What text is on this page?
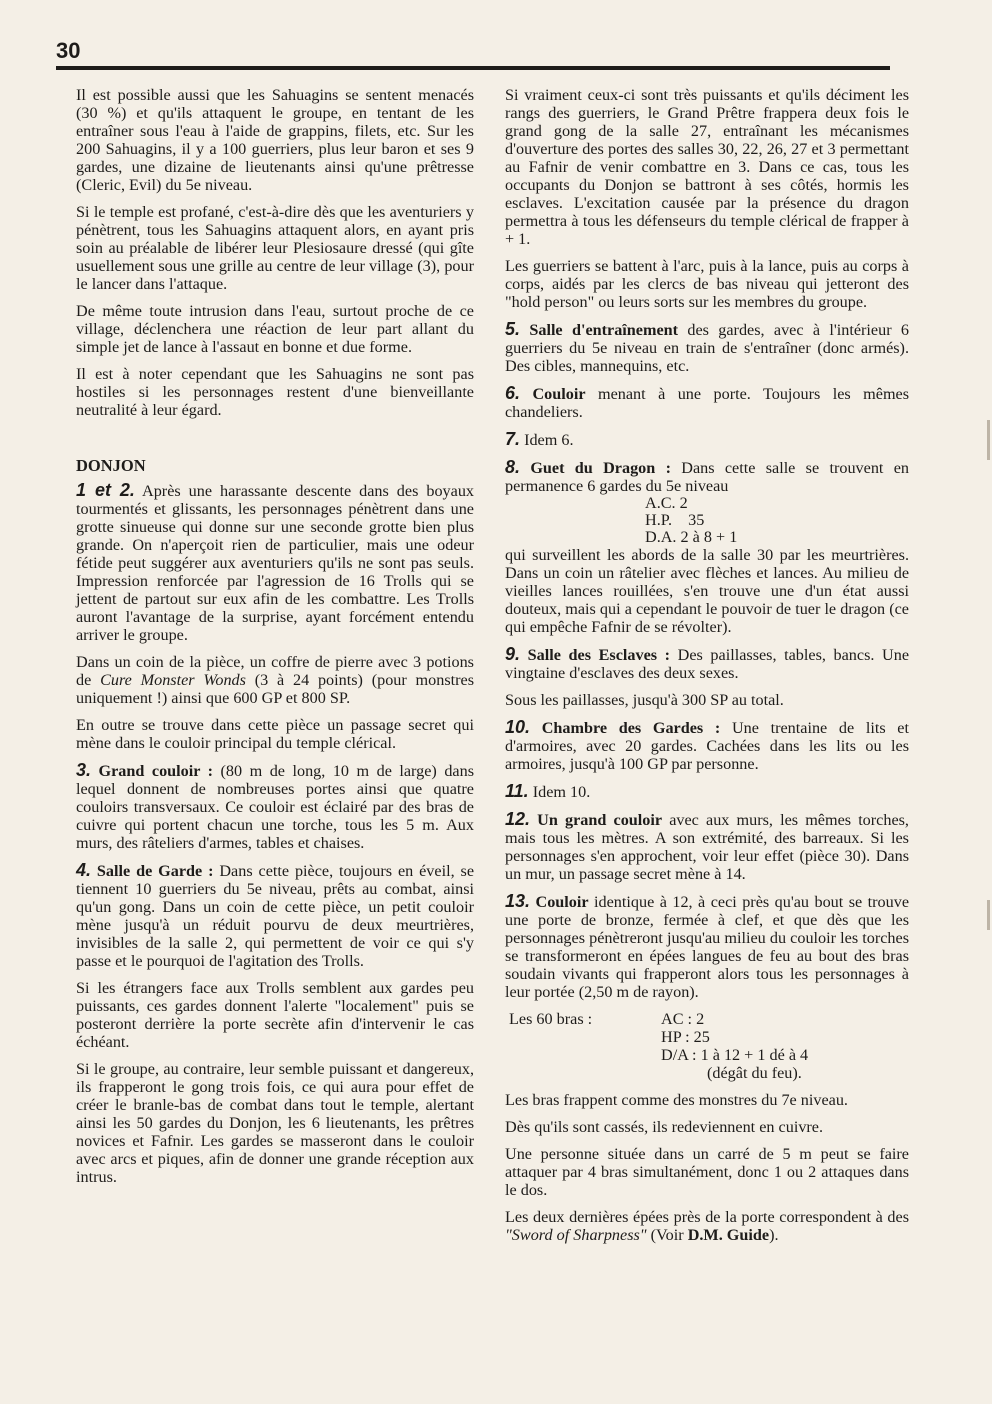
30

Il est possible aussi que les Sahuagins se sentent menacés (30 %) et qu'ils attaquent le groupe, en tentant de les entraîner sous l'eau à l'aide de grappins, filets, etc. Sur les 200 Sahuagins, il y a 100 guerriers, plus leur baron et ses 9 gardes, une dizaine de lieutenants ainsi qu'une prêtresse (Cleric, Evil) du 5e niveau.

Si le temple est profané, c'est-à-dire dès que les aventuriers y pénètrent, tous les Sahuagins attaquent alors, en ayant pris soin au préalable de libérer leur Plesiosaure dressé (qui gîte usuellement sous une grille au centre de leur village (3), pour le lancer dans l'attaque.

De même toute intrusion dans l'eau, surtout proche de ce village, déclenchera une réaction de leur part allant du simple jet de lance à l'assaut en bonne et due forme.

Il est à noter cependant que les Sahuagins ne sont pas hostiles si les personnages restent d'une bienveillante neutralité à leur égard.

DONJON

1 et 2. Après une harassante descente dans des boyaux tourmentés et glissants, les personnages pénètrent dans une grotte sinueuse qui donne sur une seconde grotte bien plus grande. On n'aperçoit rien de particulier, mais une odeur fétide peut suggérer aux aventuriers qu'ils ne sont pas seuls. Impression renforcée par l'agression de 16 Trolls qui se jettent de partout sur eux afin de les combattre. Les Trolls auront l'avantage de la surprise, ayant forcément entendu arriver le groupe.

Dans un coin de la pièce, un coffre de pierre avec 3 potions de Cure Monster Wonds (3 à 24 points) (pour monstres uniquement !) ainsi que 600 GP et 800 SP.

En outre se trouve dans cette pièce un passage secret qui mène dans le couloir principal du temple clérical.

3. Grand couloir : (80 m de long, 10 m de large) dans lequel donnent de nombreuses portes ainsi que quatre couloirs transversaux. Ce couloir est éclairé par des bras de cuivre qui portent chacun une torche, tous les 5 m. Aux murs, des râteliers d'armes, tables et chaises.

4. Salle de Garde : Dans cette pièce, toujours en éveil, se tiennent 10 guerriers du 5e niveau, prêts au combat, ainsi qu'un gong. Dans un coin de cette pièce, un petit couloir mène jusqu'à un réduit pourvu de deux meurtrières, invisibles de la salle 2, qui permettent de voir ce qui s'y passe et le pourquoi de l'agitation des Trolls.

Si les étrangers face aux Trolls semblent aux gardes peu puissants, ces gardes donnent l'alerte "localement" puis se posteront derrière la porte secrète afin d'intervenir le cas échéant.

Si le groupe, au contraire, leur semble puissant et dangereux, ils frapperont le gong trois fois, ce qui aura pour effet de créer le branle-bas de combat dans tout le temple, alertant ainsi les 50 gardes du Donjon, les 6 lieutenants, les prêtres novices et Fafnir. Les gardes se masseront dans le couloir avec arcs et piques, afin de donner une grande réception aux intrus.

Si vraiment ceux-ci sont très puissants et qu'ils déciment les rangs des guerriers, le Grand Prêtre frappera deux fois le grand gong de la salle 27, entraînant les mécanismes d'ouverture des portes des salles 30, 22, 26, 27 et 3 permettant au Fafnir de venir combattre en 3. Dans ce cas, tous les occupants du Donjon se battront à ses côtés, hormis les esclaves. L'excitation causée par la présence du dragon permettra à tous les défenseurs du temple clérical de frapper à + 1.

Les guerriers se battent à l'arc, puis à la lance, puis au corps à corps, aidés par les clercs de bas niveau qui jetteront des "hold person" ou leurs sorts sur les membres du groupe.

5. Salle d'entraînement des gardes, avec à l'intérieur 6 guerriers du 5e niveau en train de s'entraîner (donc armés). Des cibles, mannequins, etc.

6. Couloir menant à une porte. Toujours les mêmes chandeliers.

7. Idem 6.

8. Guet du Dragon : Dans cette salle se trouvent en permanence 6 gardes du 5e niveau

A.C. 2
H.P.    35
D.A. 2 à 8 + 1

qui surveillent les abords de la salle 30 par les meurtrières. Dans un coin un râtelier avec flèches et lances. Au milieu de vieilles lances rouillées, s'en trouve une d'un état aussi douteux, mais qui a cependant le pouvoir de tuer le dragon (ce qui empêche Fafnir de se révolter).

9. Salle des Esclaves : Des paillasses, tables, bancs. Une vingtaine d'esclaves des deux sexes.

Sous les paillasses, jusqu'à 300 SP au total.

10. Chambre des Gardes : Une trentaine de lits et d'armoires, avec 20 gardes. Cachées dans les lits ou les armoires, jusqu'à 100 GP par personne.

11. Idem 10.

12. Un grand couloir avec aux murs, les mêmes torches, mais tous les mètres. A son extrémité, des barreaux. Si les personnages s'en approchent, voir leur effet (pièce 30). Dans un mur, un passage secret mène à 14.

13. Couloir identique à 12, à ceci près qu'au bout se trouve une porte de bronze, fermée à clef, et que dès que les personnages pénètreront jusqu'au milieu du couloir les torches se transformeront en épées langues de feu au bout des bras soudain vivants qui frapperont alors tous les personnages à leur portée (2,50 m de rayon).

Les 60 bras :	AC : 2
HP : 25
D/A : 1 à 12 + 1 dé à 4
(dégât du feu).

Les bras frappent comme des monstres du 7e niveau.

Dès qu'ils sont cassés, ils redeviennent en cuivre.

Une personne située dans un carré de 5 m peut se faire attaquer par 4 bras simultanément, donc 1 ou 2 attaques dans le dos.

Les deux dernières épées près de la porte correspondent à des "Sword of Sharpness" (Voir D.M. Guide).
